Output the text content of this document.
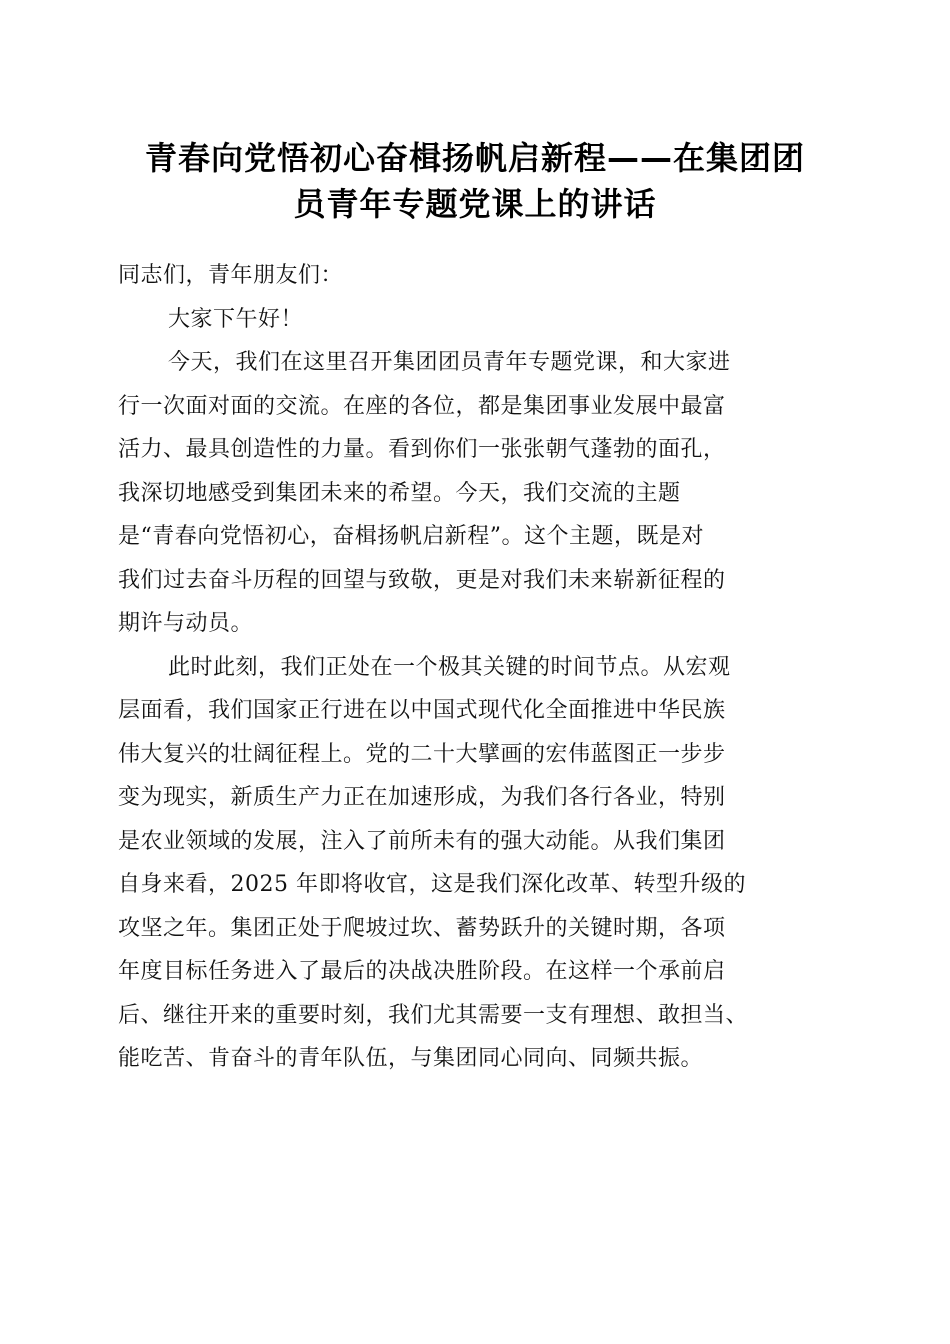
青春向党悟初心奋楫扬帆启新程——在集团团
员青年专题党课上的讲话
同志们，青年朋友们：
大家下午好！
今天，我们在这里召开集团团员青年专题党课，和大家进
行一次面对面的交流。在座的各位，都是集团事业发展中最富
活力、最具创造性的力量。看到你们一张张朝气蓬勃的面孔，
我深切地感受到集团未来的希望。今天，我们交流的主题
是“青春向党悟初心，奋楫扬帆启新程”。这个主题，既是对
我们过去奋斗历程的回望与致敬，更是对我们未来崭新征程的
期许与动员。
此时此刻，我们正处在一个极其关键的时间节点。从宏观
层面看，我们国家正行进在以中国式现代化全面推进中华民族
伟大复兴的壮阔征程上。党的二十大擘画的宏伟蓝图正一步步
变为现实，新质生产力正在加速形成，为我们各行各业，特别
是农业领域的发展，注入了前所未有的强大动能。从我们集团
自身来看，2025 年即将收官，这是我们深化改革、转型升级的
攻坚之年。集团正处于爬坡过坎、蓄势跃升的关键时期，各项
年度目标任务进入了最后的决战决胜阶段。在这样一个承前启
后、继往开来的重要时刻，我们尤其需要一支有理想、敢担当、
能吃苦、肯奋斗的青年队伍，与集团同心同向、同频共振。
